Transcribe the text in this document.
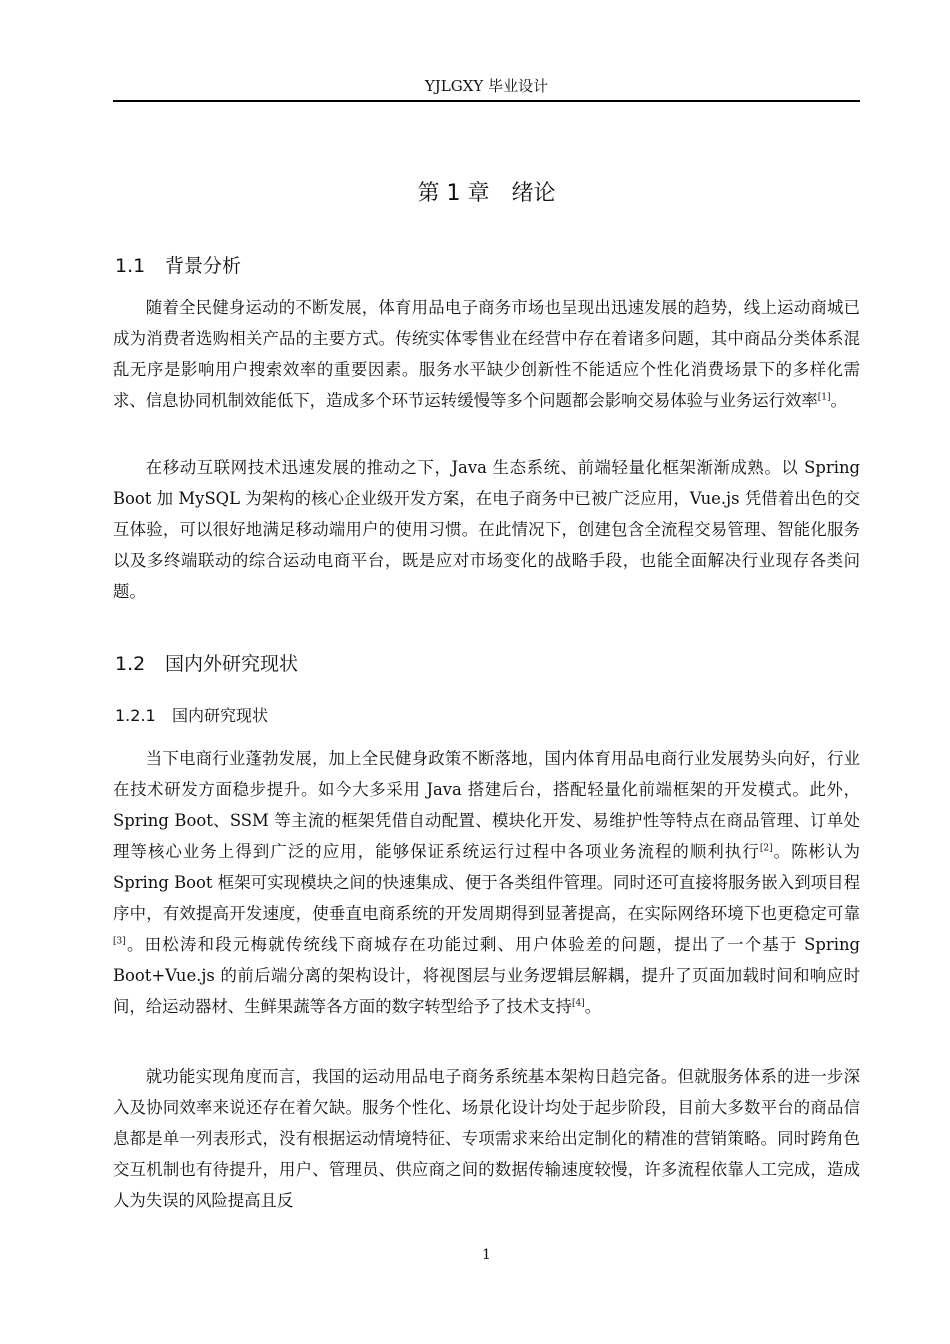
YJLGXY 毕业设计
第 1 章 绪论
1.1 背景分析

随着全民健身运动的不断发展，体育用品电子商务市场也呈现出迅速发展的趋势，线上运动商城已成为消费者选购相关产品的主要方式。传统实体零售业在经营中存在着诸多问题，其中商品分类体系混乱无序是影响用户搜索效率的重要因素。服务水平缺少创新性不能适应个性化消费场景下的多样化需求、信息协同机制效能低下，造成多个环节运转缓慢等多个问题都会影响交易体验与业务运行效率[1]。

在移动互联网技术迅速发展的推动之下，Java 生态系统、前端轻量化框架渐渐成熟。以 Spring Boot 加 MySQL 为架构的核心企业级开发方案，在电子商务中已被广泛应用，Vue.js 凭借着出色的交互体验，可以很好地满足移动端用户的使用习惯。在此情况下，创建包含全流程交易管理、智能化服务以及多终端联动的综合运动电商平台，既是应对市场变化的战略手段，也能全面解决行业现存各类问题。

1.2 国内外研究现状
1.2.1 国内研究现状

当下电商行业蓬勃发展，加上全民健身政策不断落地，国内体育用品电商行业发展势头向好，行业在技术研发方面稳步提升。如今大多采用 Java 搭建后台，搭配轻量化前端框架的开发模式。此外，Spring Boot、SSM 等主流的框架凭借自动配置、模块化开发、易维护性等特点在商品管理、订单处理等核心业务上得到广泛的应用，能够保证系统运行过程中各项业务流程的顺利执行[2]。陈彬认为 Spring Boot 框架可实现模块之间的快速集成、便于各类组件管理。同时还可直接将服务嵌入到项目程序中，有效提高开发速度，使垂直电商系统的开发周期得到显著提高，在实际网络环境下也更稳定可靠[3]。田松涛和段元梅就传统线下商城存在功能过剩、用户体验差的问题，提出了一个基于 Spring Boot+Vue.js 的前后端分离的架构设计，将视图层与业务逻辑层解耦，提升了页面加载时间和响应时间，给运动器材、生鲜果蔬等各方面的数字转型给予了技术支持[4]。

就功能实现角度而言，我国的运动用品电子商务系统基本架构日趋完备。但就服务体系的进一步深入及协同效率来说还存在着欠缺。服务个性化、场景化设计均处于起步阶段，目前大多数平台的商品信息都是单一列表形式，没有根据运动情境特征、专项需求来给出定制化的精准的营销策略。同时跨角色交互机制也有待提升，用户、管理员、供应商之间的数据传输速度较慢，许多流程依靠人工完成，造成人为失误的风险提高且反

1
